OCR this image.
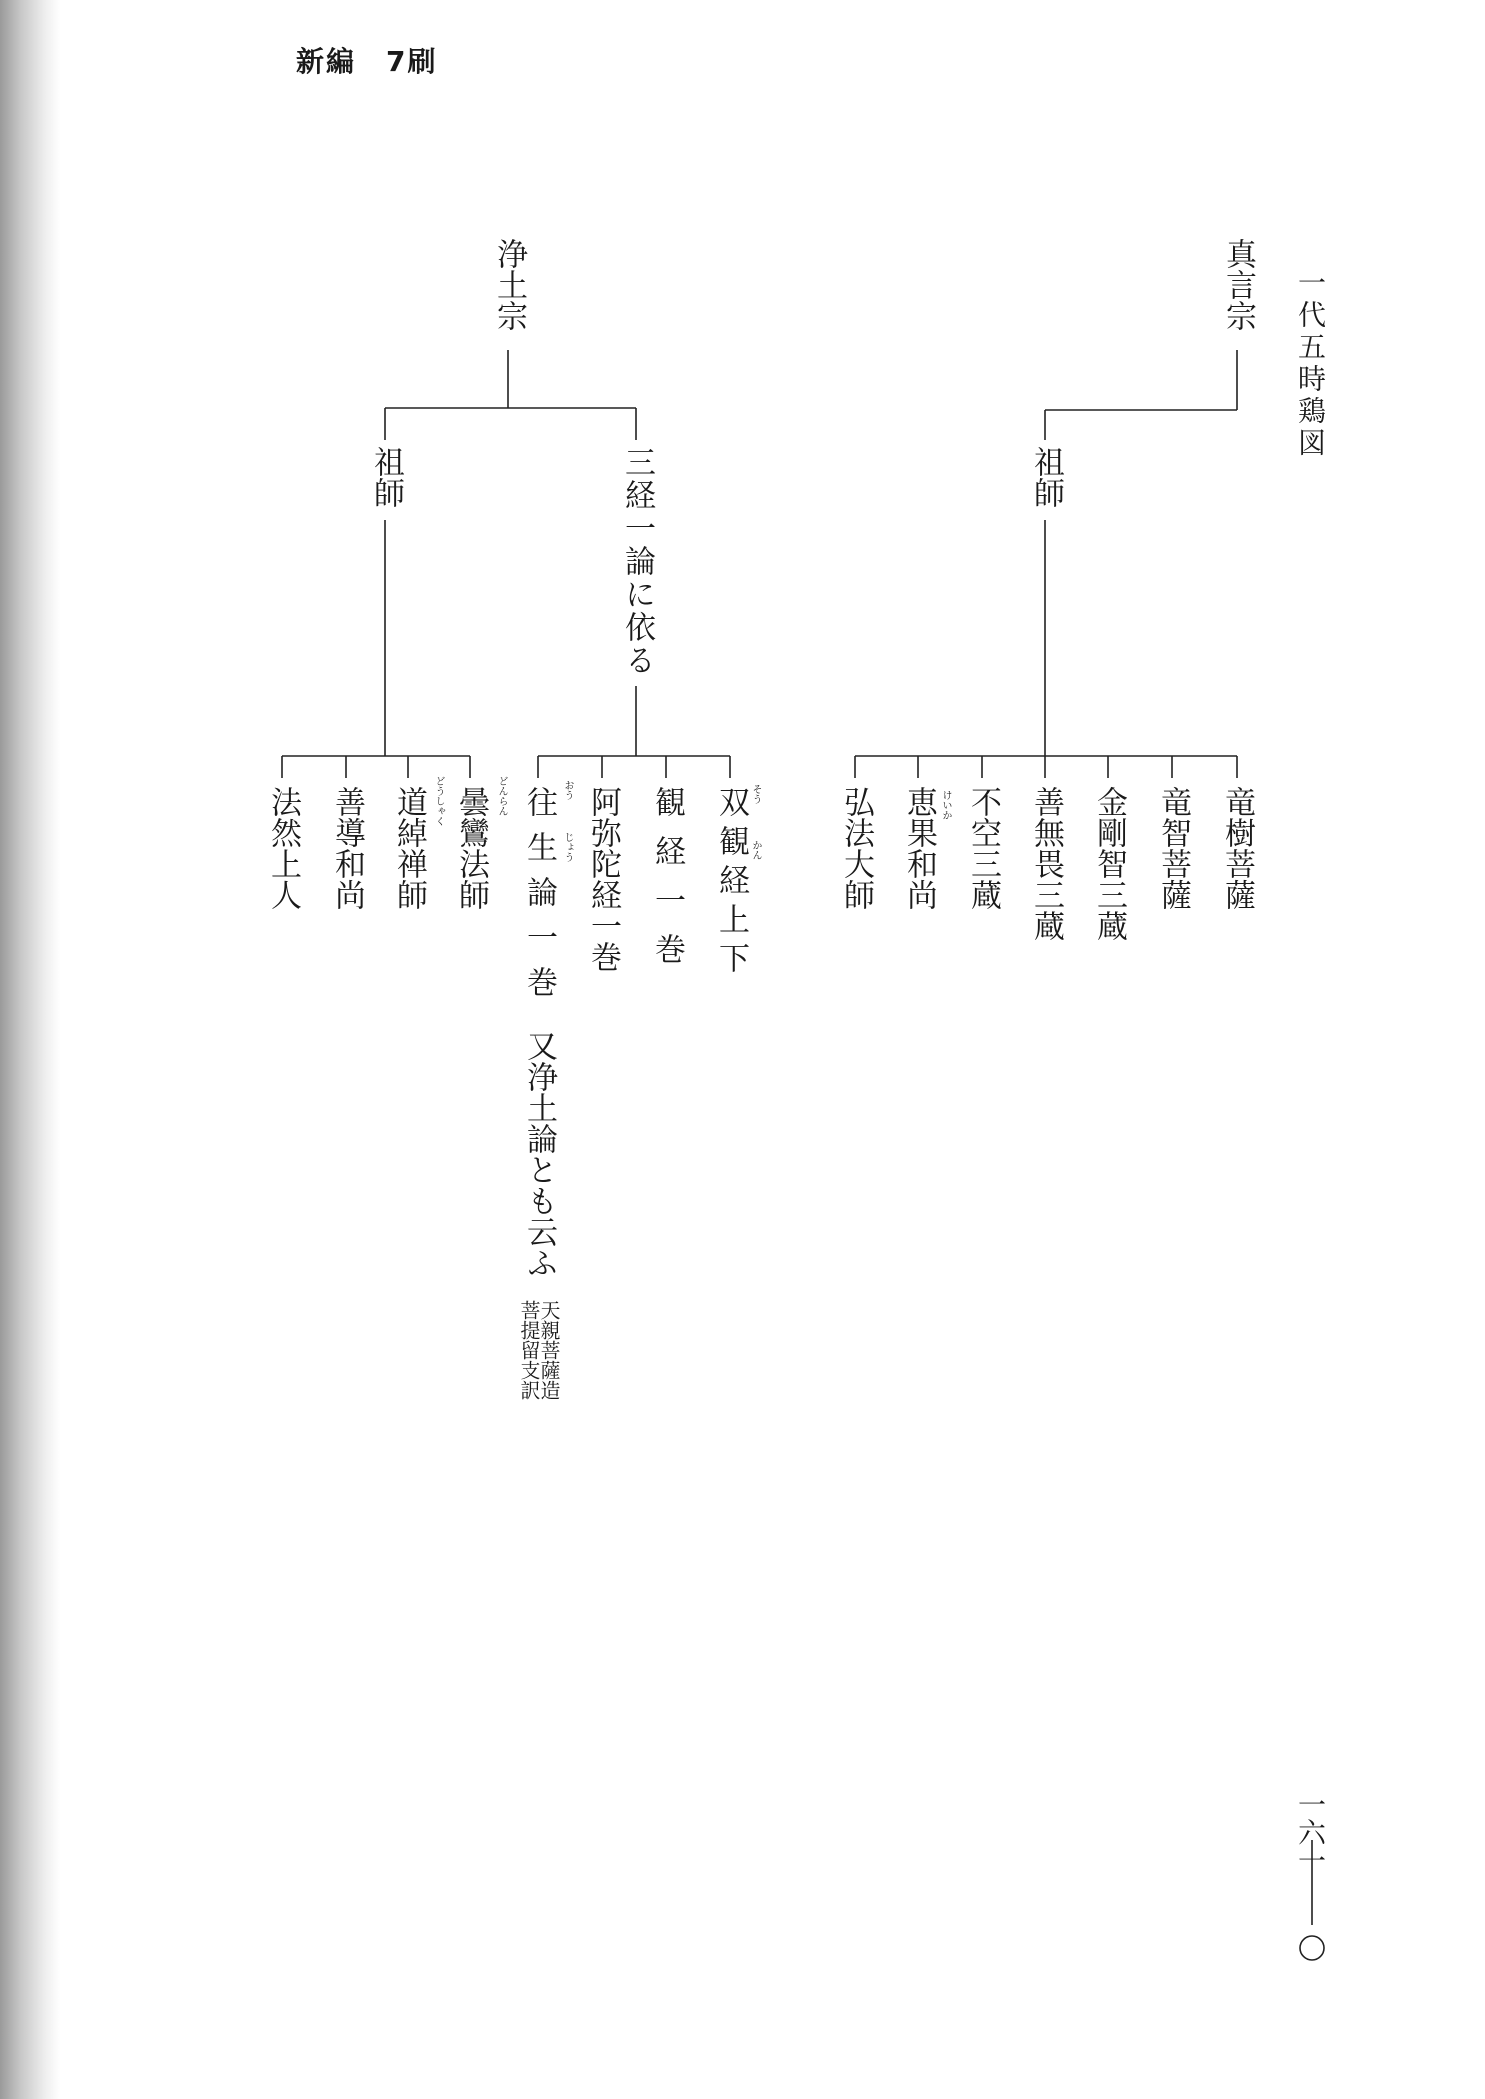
新編　7刷
一代五時鶏図
真言宗
祖師
竜樹菩薩
竜智菩薩
金剛智三蔵
善無畏三蔵
不空三蔵
恵果和尚 けいか
弘法大師
浄土宗
三経一論に依る
祖師
そう
双観経上下 かん
観経一巻
阿弥陀経一巻
おう
往生論一巻 じょう
又浄土論とも云ふ
天親菩薩造
菩提留支訳
どんらん
曇鸞法師
どうしゃく
道綽禅師
善導和尚
法然上人
一六一
